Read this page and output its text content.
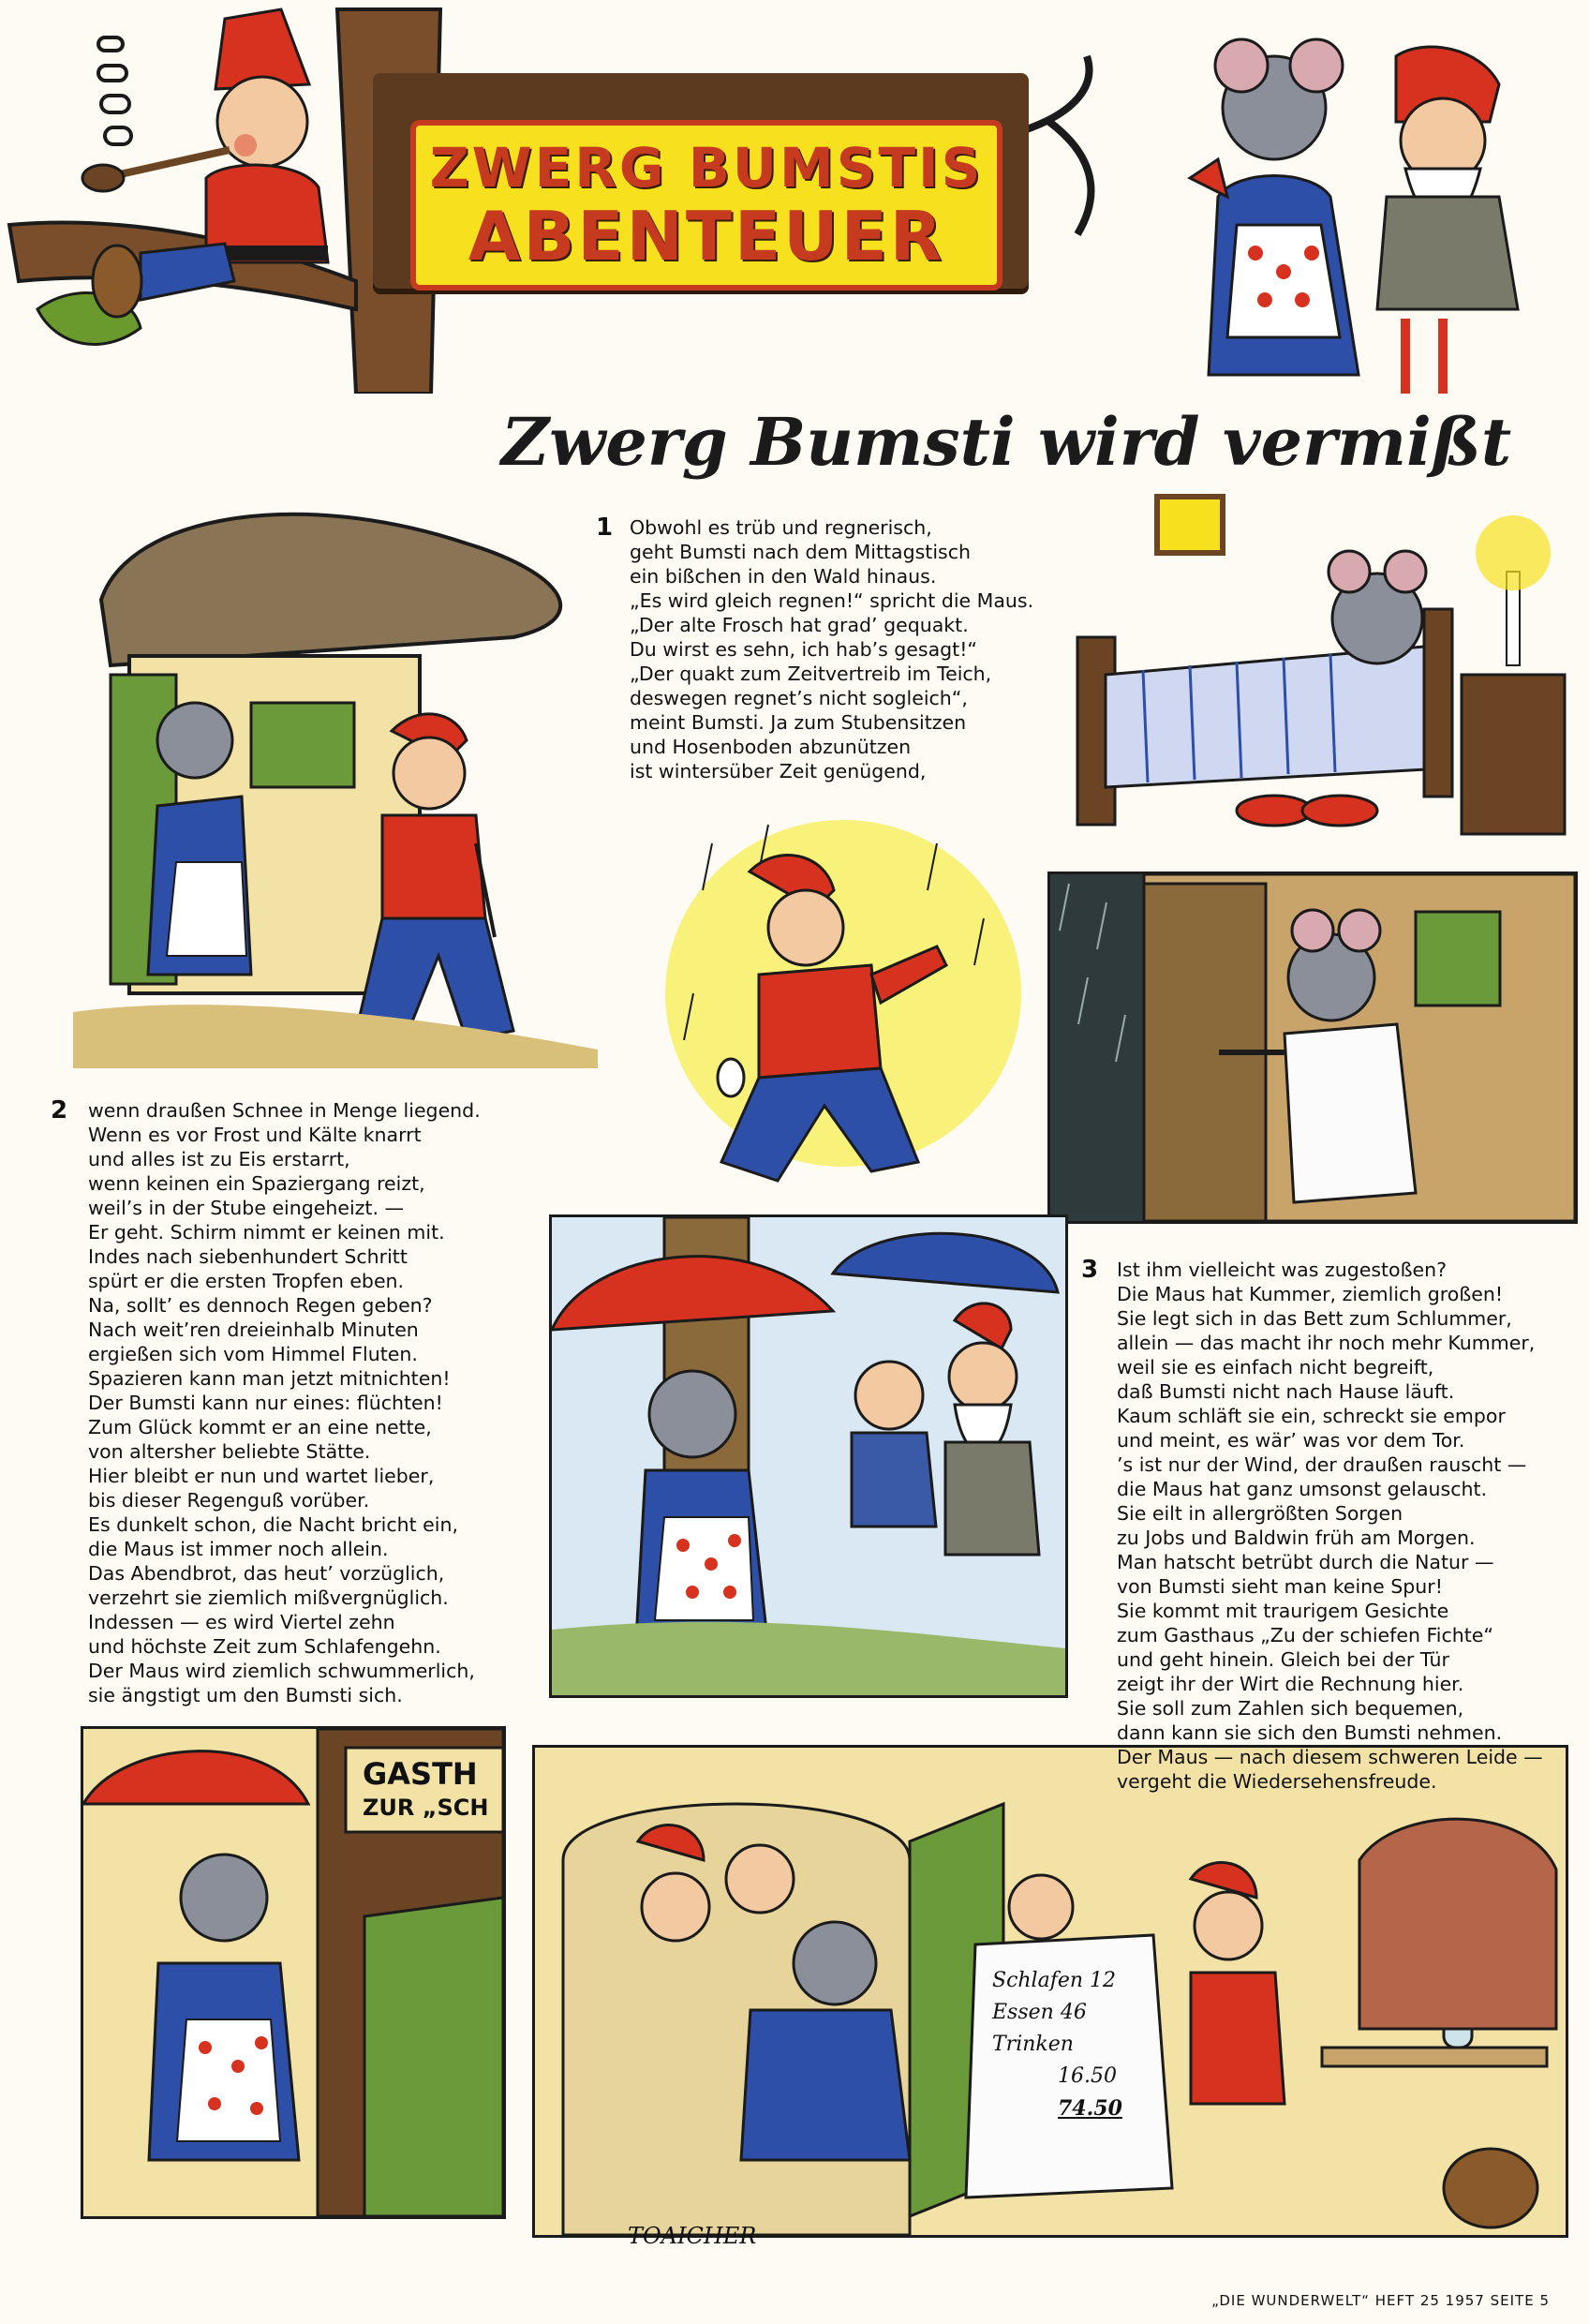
ZWERG BUMSTIS
ABENTEUER
Zwerg Bumsti wird vermißt
GASTH
ZUR „SCH
Schlafen 12
Essen 46
Trinken
16.50
74.50
TOAICHER
1 Obwohl es trüb und regnerisch,
geht Bumsti nach dem Mittagstisch
ein bißchen in den Wald hinaus.
„Es wird gleich regnen!“ spricht die Maus.
„Der alte Frosch hat grad’ gequakt.
Du wirst es sehn, ich hab’s gesagt!“
„Der quakt zum Zeitvertreib im Teich,
deswegen regnet’s nicht sogleich“,
meint Bumsti. Ja zum Stubensitzen
und Hosenboden abzunützen
ist wintersüber Zeit genügend,
2 wenn draußen Schnee in Menge liegend.
Wenn es vor Frost und Kälte knarrt
und alles ist zu Eis erstarrt,
wenn keinen ein Spaziergang reizt,
weil’s in der Stube eingeheizt. —
Er geht. Schirm nimmt er keinen mit.
Indes nach siebenhundert Schritt
spürt er die ersten Tropfen eben.
Na, sollt’ es dennoch Regen geben?
Nach weit’ren dreieinhalb Minuten
ergießen sich vom Himmel Fluten.
Spazieren kann man jetzt mitnichten!
Der Bumsti kann nur eines: flüchten!
Zum Glück kommt er an eine nette,
von altersher beliebte Stätte.
Hier bleibt er nun und wartet lieber,
bis dieser Regenguß vorüber.
Es dunkelt schon, die Nacht bricht ein,
die Maus ist immer noch allein.
Das Abendbrot, das heut’ vorzüglich,
verzehrt sie ziemlich mißvergnüglich.
Indessen — es wird Viertel zehn
und höchste Zeit zum Schlafengehn.
Der Maus wird ziemlich schwummerlich,
sie ängstigt um den Bumsti sich.
3 Ist ihm vielleicht was zugestoßen?
Die Maus hat Kummer, ziemlich großen!
Sie legt sich in das Bett zum Schlummer,
allein — das macht ihr noch mehr Kummer,
weil sie es einfach nicht begreift,
daß Bumsti nicht nach Hause läuft.
Kaum schläft sie ein, schreckt sie empor
und meint, es wär’ was vor dem Tor.
’s ist nur der Wind, der draußen rauscht —
die Maus hat ganz umsonst gelauscht.
Sie eilt in allergrößten Sorgen
zu Jobs und Baldwin früh am Morgen.
Man hatscht betrübt durch die Natur —
von Bumsti sieht man keine Spur!
Sie kommt mit traurigem Gesichte
zum Gasthaus „Zu der schiefen Fichte“
und geht hinein. Gleich bei der Tür
zeigt ihr der Wirt die Rechnung hier.
Sie soll zum Zahlen sich bequemen,
dann kann sie sich den Bumsti nehmen.
Der Maus — nach diesem schweren Leide —
vergeht die Wiedersehensfreude.
„DIE WUNDERWELT“ HEFT 25 1957 SEITE 5
